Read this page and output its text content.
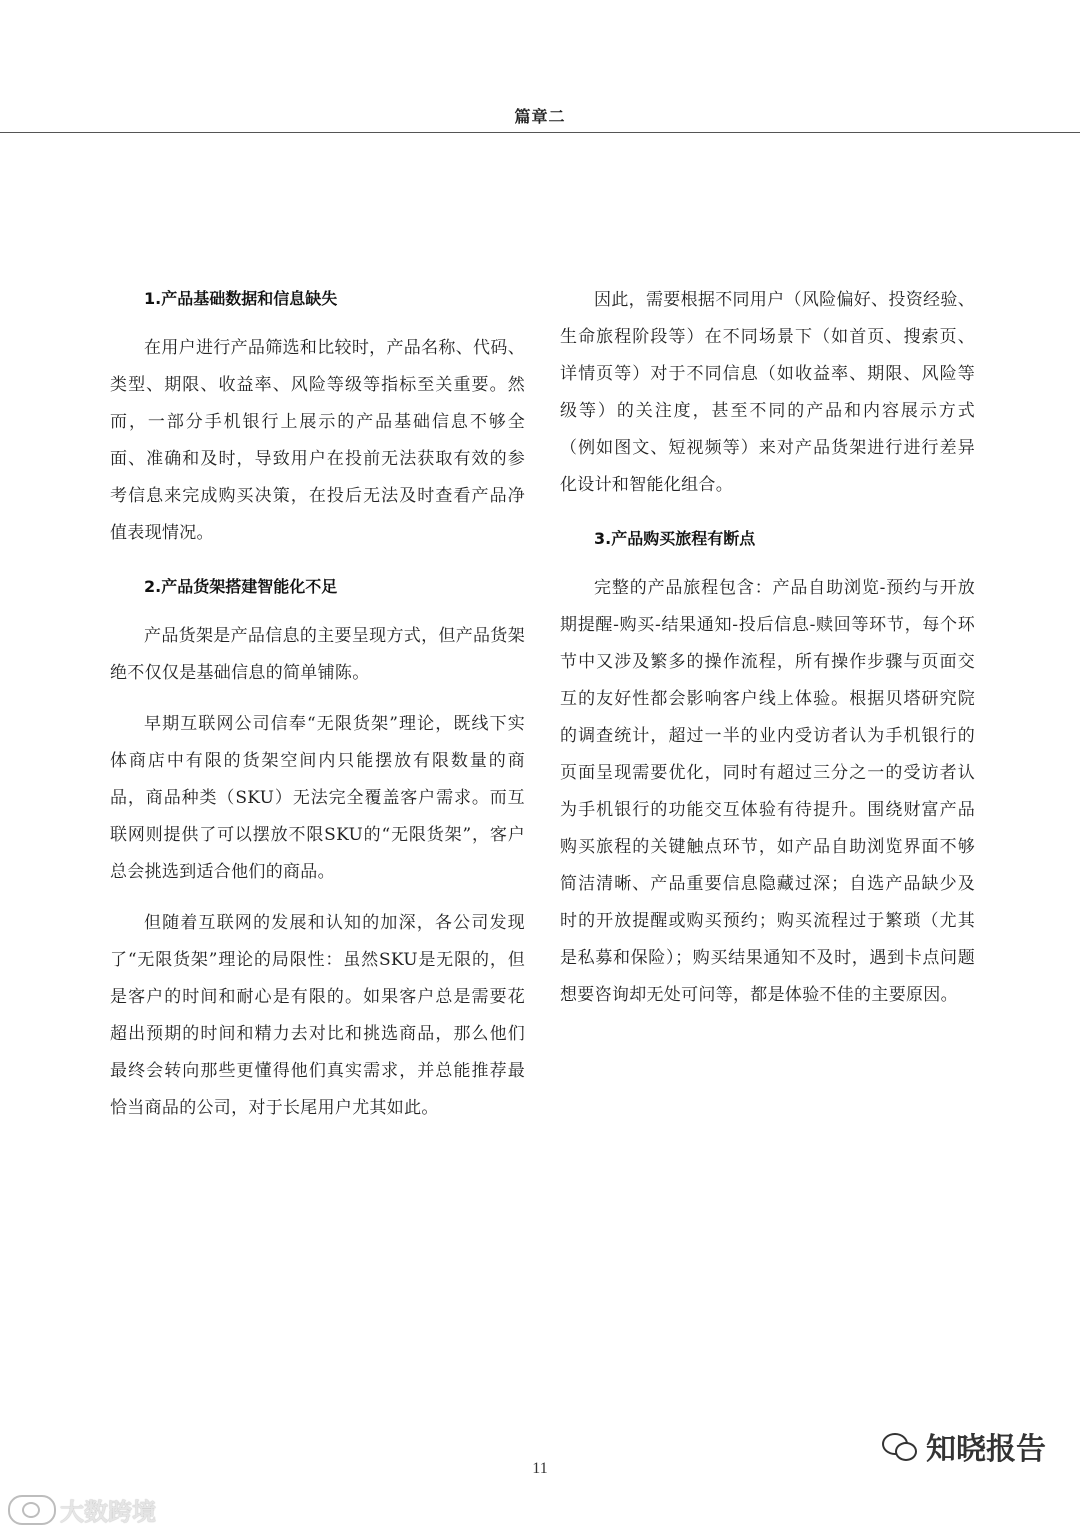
篇章二
1.产品基础数据和信息缺失

在用户进行产品筛选和比较时，产品名称、代码、类型、期限、收益率、风险等级等指标至关重要。然而，一部分手机银行上展示的产品基础信息不够全面、准确和及时，导致用户在投前无法获取有效的参考信息来完成购买决策，在投后无法及时查看产品净值表现情况。

2.产品货架搭建智能化不足

产品货架是产品信息的主要呈现方式，但产品货架绝不仅仅是基础信息的简单铺陈。

早期互联网公司信奉“无限货架”理论，既线下实体商店中有限的货架空间内只能摆放有限数量的商品，商品种类（SKU）无法完全覆盖客户需求。而互联网则提供了可以摆放不限SKU的“无限货架”，客户总会挑选到适合他们的商品。

但随着互联网的发展和认知的加深，各公司发现了“无限货架”理论的局限性：虽然SKU是无限的，但是客户的时间和耐心是有限的。如果客户总是需要花超出预期的时间和精力去对比和挑选商品，那么他们最终会转向那些更懂得他们真实需求，并总能推荐最恰当商品的公司，对于长尾用户尤其如此。

因此，需要根据不同用户（风险偏好、投资经验、生命旅程阶段等）在不同场景下（如首页、搜索页、详情页等）对于不同信息（如收益率、期限、风险等级等）的关注度，甚至不同的产品和内容展示方式（例如图文、短视频等）来对产品货架进行进行差异化设计和智能化组合。

3.产品购买旅程有断点

完整的产品旅程包含：产品自助浏览-预约与开放期提醒-购买-结果通知-投后信息-赎回等环节，每个环节中又涉及繁多的操作流程，所有操作步骤与页面交互的友好性都会影响客户线上体验。根据贝塔研究院的调查统计，超过一半的业内受访者认为手机银行的页面呈现需要优化，同时有超过三分之一的受访者认为手机银行的功能交互体验有待提升。围绕财富产品购买旅程的关键触点环节，如产品自助浏览界面不够简洁清晰、产品重要信息隐藏过深；自选产品缺少及时的开放提醒或购买预约；购买流程过于繁琐（尤其是私募和保险）；购买结果通知不及时，遇到卡点问题想要咨询却无处可问等，都是体验不佳的主要原因。

11
大数跨境
知晓报告
